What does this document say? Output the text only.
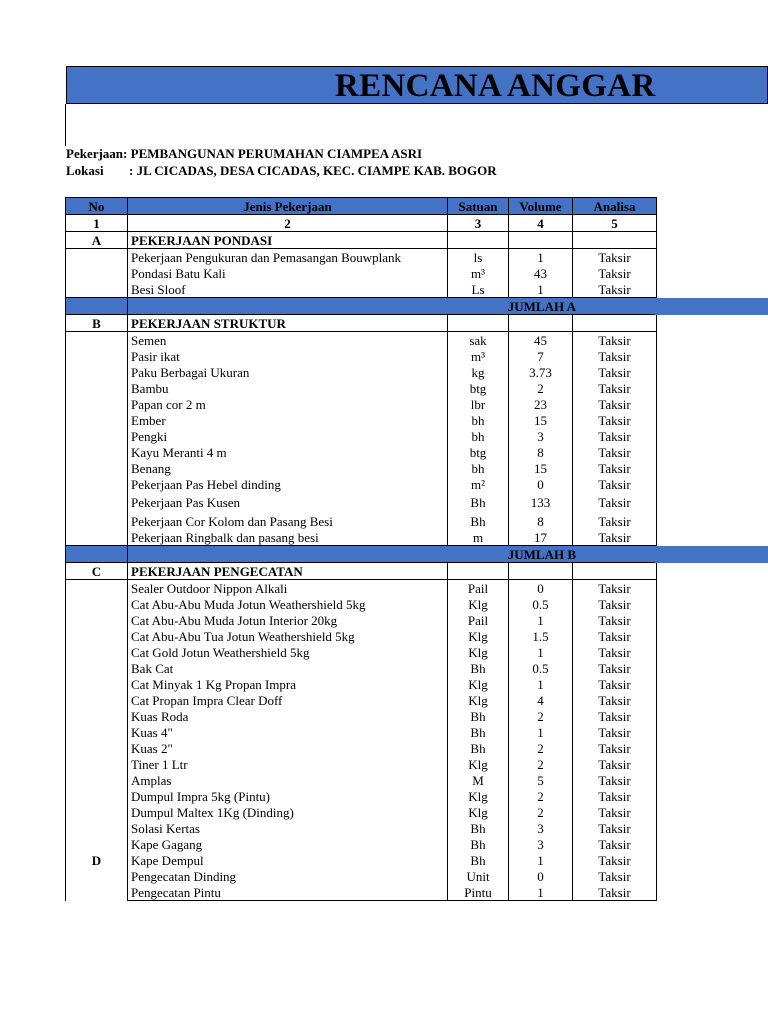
RENCANA ANGGAR
Pekerjaan: PEMBANGUNAN PERUMAHAN CIAMPEA ASRI
Lokasi : JL CICADAS, DESA CICADAS, KEC. CIAMPE KAB. BOGOR
No	Jenis Pekerjaan	Satuan	Volume	Analisa
1	2	3	4	5
A	PEKERJAAN PONDASI			
	Pekerjaan Pengukuran dan Pemasangan Bouwplank	ls	1	Taksir
	Pondasi Batu Kali	m³	43	Taksir
	Besi Sloof	Ls	1	Taksir
	JUMLAH A			
B	PEKERJAAN STRUKTUR			
	Semen	sak	45	Taksir
	Pasir ikat	m³	7	Taksir
	Paku Berbagai Ukuran	kg	3.73	Taksir
	Bambu	btg	2	Taksir
	Papan cor 2 m	lbr	23	Taksir
	Ember	bh	15	Taksir
	Pengki	bh	3	Taksir
	Kayu Meranti 4 m	btg	8	Taksir
	Benang	bh	15	Taksir
	Pekerjaan Pas Hebel dinding	m²	0	Taksir
	Pekerjaan Pas Kusen	Bh	133	Taksir
	Pekerjaan Cor Kolom dan Pasang Besi	Bh	8	Taksir
	Pekerjaan Ringbalk dan pasang besi	m	17	Taksir
	JUMLAH B			
C	PEKERJAAN PENGECATAN			
	Sealer Outdoor Nippon Alkali	Pail	0	Taksir
	Cat Abu-Abu Muda Jotun Weathershield 5kg	Klg	0.5	Taksir
	Cat Abu-Abu Muda Jotun Interior 20kg	Pail	1	Taksir
	Cat Abu-Abu Tua Jotun Weathershield 5kg	Klg	1.5	Taksir
	Cat Gold Jotun Weathershield 5kg	Klg	1	Taksir
	Bak Cat	Bh	0.5	Taksir
	Cat Minyak 1 Kg Propan Impra	Klg	1	Taksir
	Cat Propan Impra Clear Doff	Klg	4	Taksir
	Kuas Roda	Bh	2	Taksir
	Kuas 4"	Bh	1	Taksir
	Kuas 2"	Bh	2	Taksir
	Tiner 1 Ltr	Klg	2	Taksir
	Amplas	M	5	Taksir
	Dumpul Impra 5kg (Pintu)	Klg	2	Taksir
	Dumpul Maltex 1Kg (Dinding)	Klg	2	Taksir
	Solasi Kertas	Bh	3	Taksir
	Kape Gagang	Bh	3	Taksir
D	Kape Dempul	Bh	1	Taksir
	Pengecatan Dinding	Unit	0	Taksir
	Pengecatan Pintu	Pintu	1	Taksir
